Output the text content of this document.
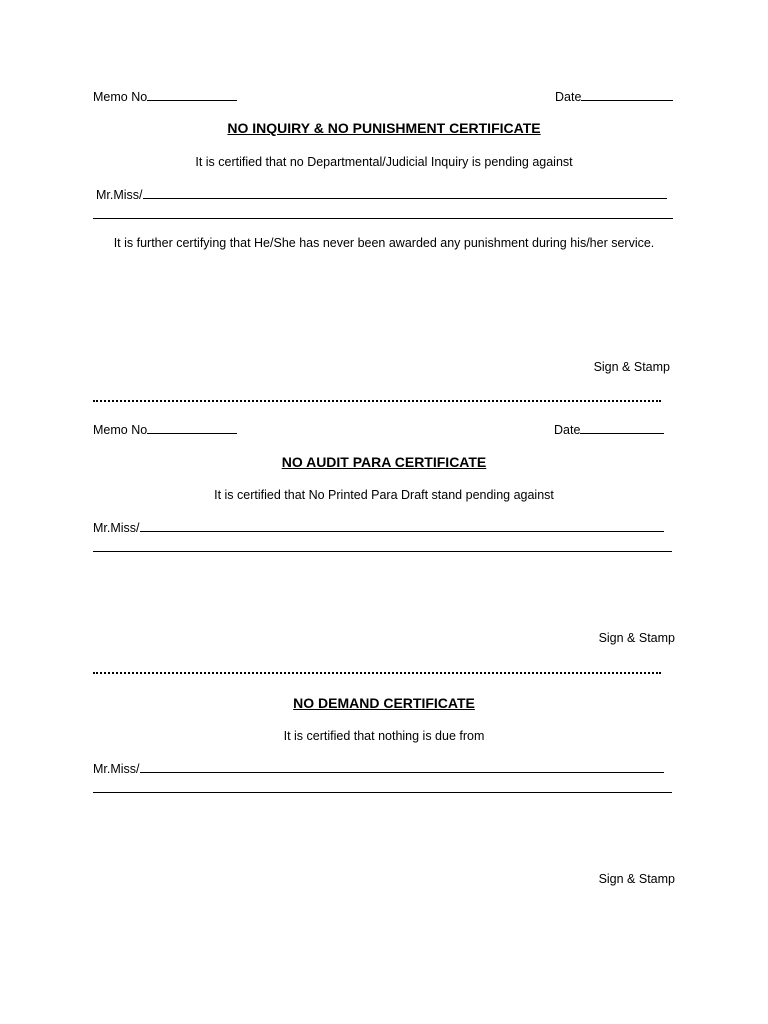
Memo No	Date
NO INQUIRY & NO PUNISHMENT CERTIFICATE
It is certified that no Departmental/Judicial Inquiry is pending against
Mr.Miss/
It is further certifying that He/She has never been awarded any punishment during his/her service.
Sign & Stamp
Memo No	Date
NO AUDIT PARA CERTIFICATE
It is certified that No Printed Para Draft stand pending against
Mr.Miss/
Sign & Stamp
NO DEMAND CERTIFICATE
It is certified that nothing is due from
Mr.Miss/
Sign & Stamp
